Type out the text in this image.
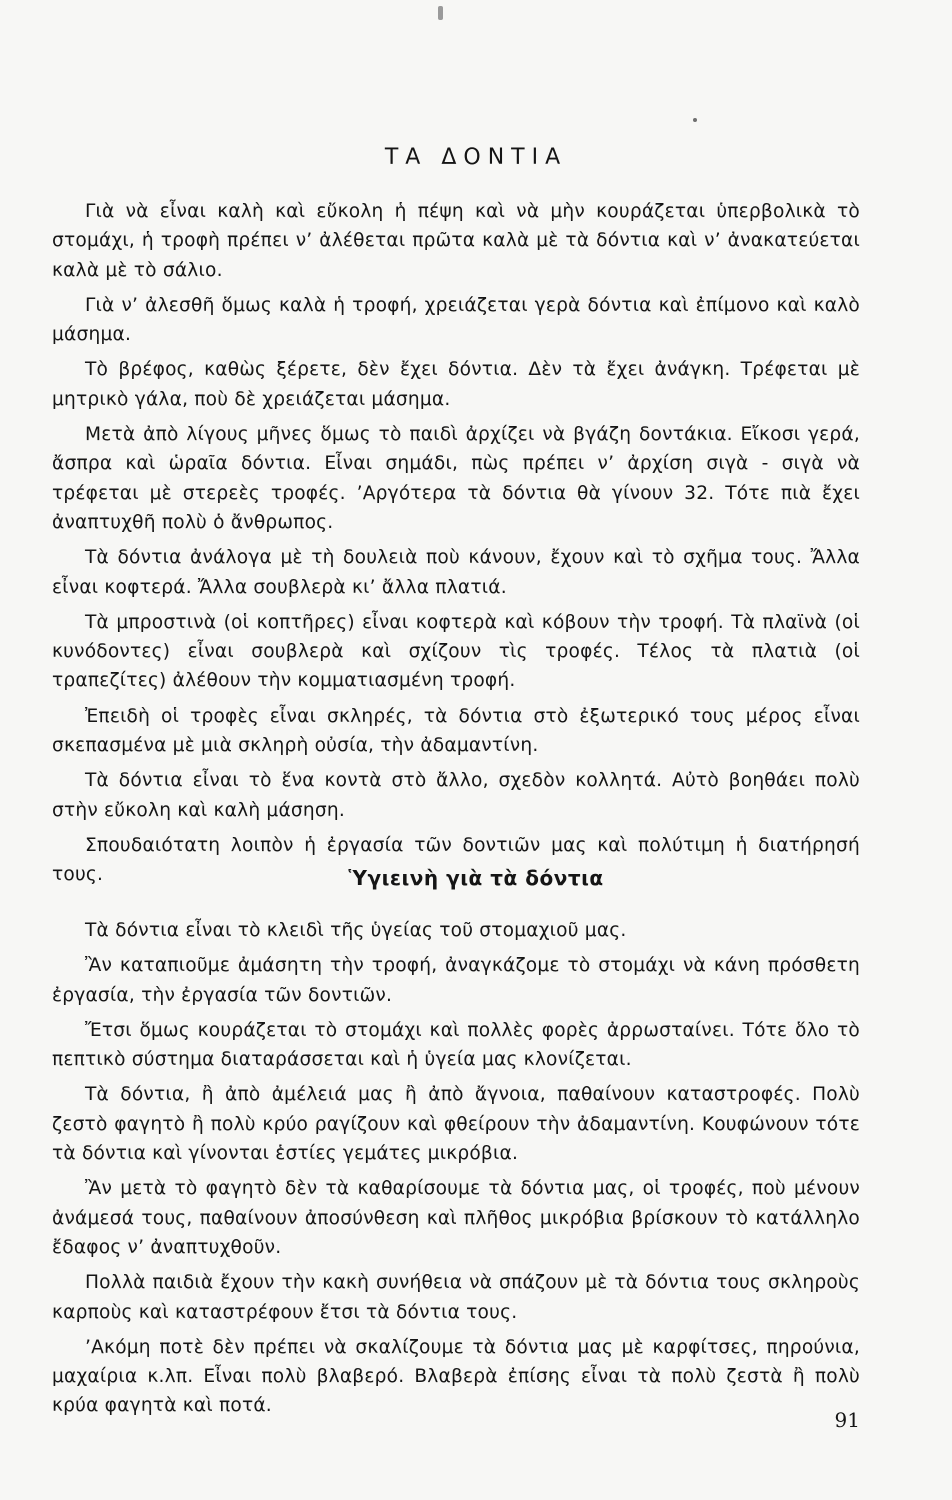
ΤΑ ΔΟΝΤΙΑ

Γιὰ νὰ εἶναι καλὴ καὶ εὔκολη ἡ πέψη καὶ νὰ μὴν κουράζεται ὑπερβολικὰ τὸ στομάχι, ἡ τροφὴ πρέπει ν’ ἀλέθεται πρῶτα καλὰ μὲ τὰ δόντια καὶ ν’ ἀνακατεύεται καλὰ μὲ τὸ σάλιο.

Γιὰ ν’ ἀλεσθῆ ὅμως καλὰ ἡ τροφή, χρειάζεται γερὰ δόντια καὶ ἐπίμονο καὶ καλὸ μάσημα.

Τὸ βρέφος, καθὼς ξέρετε, δὲν ἔχει δόντια. Δὲν τὰ ἔχει ἀνάγκη. Τρέφεται μὲ μητρικὸ γάλα, ποὺ δὲ χρειάζεται μάσημα.

Μετὰ ἀπὸ λίγους μῆνες ὅμως τὸ παιδὶ ἀρχίζει νὰ βγάζη δοντάκια. Εἴκοσι γερά, ἄσπρα καὶ ὡραῖα δόντια. Εἶναι σημάδι, πὼς πρέπει ν’ ἀρχίση σιγὰ - σιγὰ νὰ τρέφεται μὲ στερεὲς τροφές. ’Αργότερα τὰ δόντια θὰ γίνουν 32. Τότε πιὰ ἔχει ἀναπτυχθῆ πολὺ ὁ ἄνθρωπος.

Τὰ δόντια ἀνάλογα μὲ τὴ δουλειὰ ποὺ κάνουν, ἔχουν καὶ τὸ σχῆμα τους. Ἄλλα εἶναι κοφτερά. Ἄλλα σουβλερὰ κι’ ἄλλα πλατιά.

Τὰ μπροστινὰ (οἱ κοπτῆρες) εἶναι κοφτερὰ καὶ κόβουν τὴν τροφή. Τὰ πλαϊνὰ (οἱ κυνόδοντες) εἶναι σουβλερὰ καὶ σχίζουν τὶς τροφές. Τέλος τὰ πλατιὰ (οἱ τραπεζίτες) ἀλέθουν τὴν κομματιασμένη τροφή.

Ἐπειδὴ οἱ τροφὲς εἶναι σκληρές, τὰ δόντια στὸ ἐξωτερικό τους μέρος εἶναι σκεπασμένα μὲ μιὰ σκληρὴ οὐσία, τὴν ἀδαμαντίνη.

Τὰ δόντια εἶναι τὸ ἕνα κοντὰ στὸ ἄλλο, σχεδὸν κολλητά. Αὐτὸ βοηθάει πολὺ στὴν εὔκολη καὶ καλὴ μάσηση.

Σπουδαιότατη λοιπὸν ἡ ἐργασία τῶν δοντιῶν μας καὶ πολύτιμη ἡ διατήρησή τους.	Ὑγιεινὴ γιὰ τὰ δόντια

Τὰ δόντια εἶναι τὸ κλειδὶ τῆς ὑγείας τοῦ στομαχιοῦ μας.

Ἂν καταπιοῦμε ἀμάσητη τὴν τροφή, ἀναγκάζομε τὸ στομάχι νὰ κάνη πρόσθετη ἐργασία, τὴν ἐργασία τῶν δοντιῶν.

Ἔτσι ὅμως κουράζεται τὸ στομάχι καὶ πολλὲς φορὲς ἀρρωσταίνει. Τότε ὅλο τὸ πεπτικὸ σύστημα διαταράσσεται καὶ ἡ ὑγεία μας κλονίζεται.

Τὰ δόντια, ἢ ἀπὸ ἀμέλειά μας ἢ ἀπὸ ἄγνοια, παθαίνουν καταστροφές. Πολὺ ζεστὸ φαγητὸ ἢ πολὺ κρύο ραγίζουν καὶ φθείρουν τὴν ἀδαμαντίνη. Κουφώνουν τότε τὰ δόντια καὶ γίνονται ἑστίες γεμάτες μικρόβια.

Ἂν μετὰ τὸ φαγητὸ δὲν τὰ καθαρίσουμε τὰ δόντια μας, οἱ τροφές, ποὺ μένουν ἀνάμεσά τους, παθαίνουν ἀποσύνθεση καὶ πλῆθος μικρόβια βρίσκουν τὸ κατάλληλο ἔδαφος ν’ ἀναπτυχθοῦν.

Πολλὰ παιδιὰ ἔχουν τὴν κακὴ συνήθεια νὰ σπάζουν μὲ τὰ δόντια τους σκληροὺς καρποὺς καὶ καταστρέφουν ἔτσι τὰ δόντια τους.

’Ακόμη ποτὲ δὲν πρέπει νὰ σκαλίζουμε τὰ δόντια μας μὲ καρφίτσες, πηρούνια, μαχαίρια κ.λπ. Εἶναι πολὺ βλαβερό. Βλαβερὰ ἐπίσης εἶναι τὰ πολὺ ζεστὰ ἢ πολὺ κρύα φαγητὰ καὶ ποτά.

91
